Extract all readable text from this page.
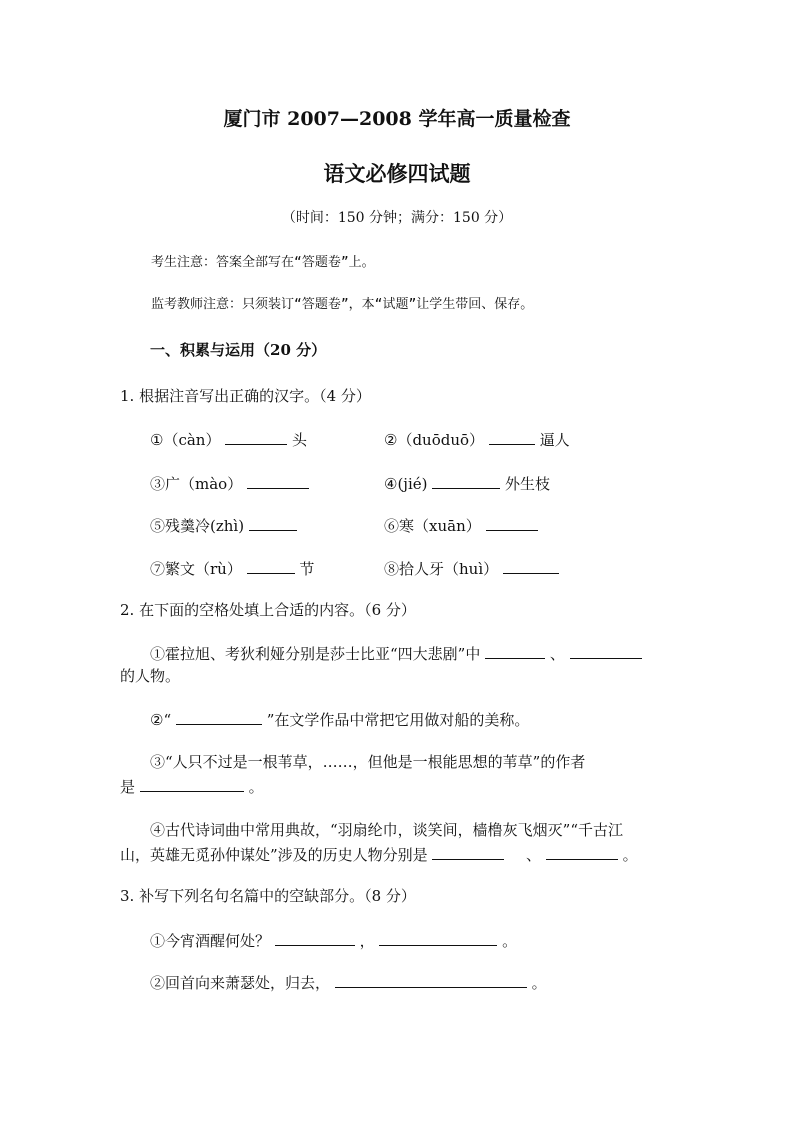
厦门市 2007—2008 学年高一质量检查
语文必修四试题
（时间：150 分钟；满分：150 分）
考生注意：答案全部写在“答题卷”上。
监考教师注意：只须装订“答题卷”，本“试题”让学生带回、保存。
一、积累与运用（20 分）
1. 根据注音写出正确的汉字。（4 分）
①（càn）	头	②（duōduō）	逼人
③广（mào）	④(jié)	外生枝
⑤残羹冷(zhì)	⑥寒（xuān）
⑦繁文（rù）	节	⑧拾人牙（huì）
2. 在下面的空格处填上合适的内容。（6 分）
①霍拉旭、考狄利娅分别是莎士比亚“四大悲剧”中	、
的人物。
②“	”在文学作品中常把它用做对船的美称。
③“人只不过是一根苇草，……，但他是一根能思想的苇草”的作者
是	。
④古代诗词曲中常用典故，“羽扇纶巾，谈笑间，樯橹灰飞烟灭”“千古江
山，英雄无觅孙仲谋处”涉及的历史人物分别是	、	。
3. 补写下列名句名篇中的空缺部分。（8 分）
①今宵酒醒何处？	，	。
②回首向来萧瑟处，归去，	。
